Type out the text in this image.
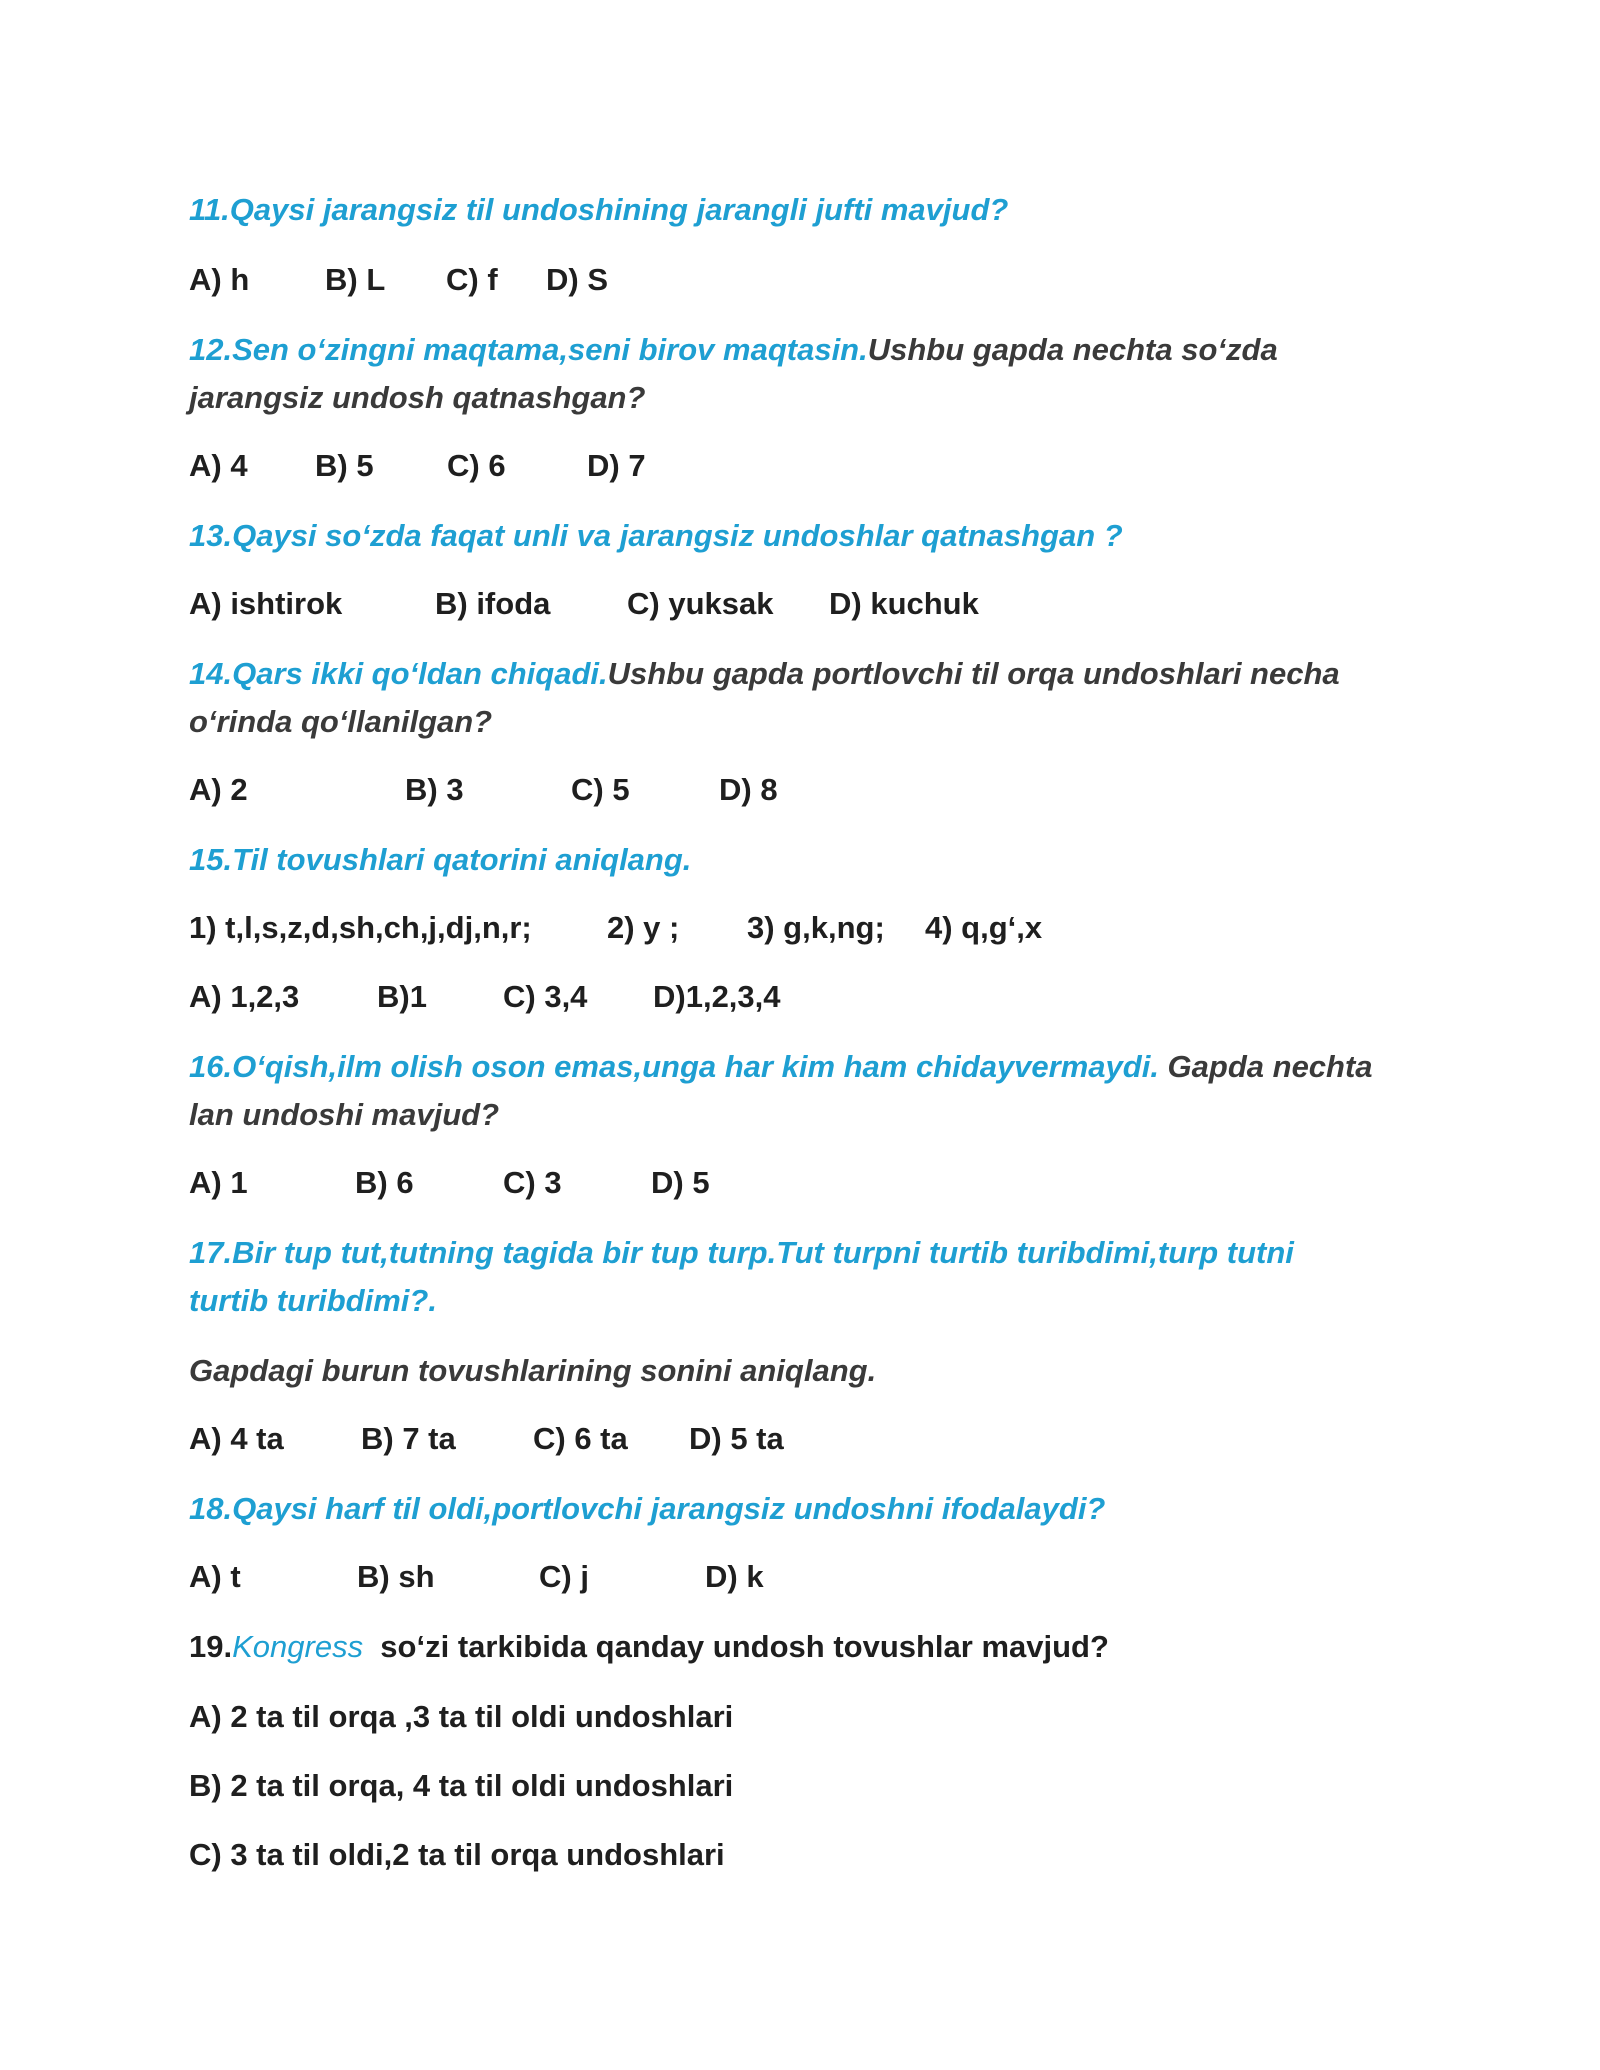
11.Qaysi jarangsiz til undoshining jarangli jufti mavjud?
A) h B) L C) f D) S
12.Sen o‘zingni maqtama,seni birov maqtasin.Ushbu gapda nechta so‘zda
jarangsiz undosh qatnashgan?
A) 4 B) 5 C) 6	D) 7
13.Qaysi so‘zda faqat unli va jarangsiz undoshlar qatnashgan ?
A) ishtirok	B) ifoda C) yuksak D) kuchuk
14.Qars ikki qo‘ldan chiqadi.Ushbu gapda portlovchi til orqa undoshlari necha
o‘rinda qo‘llanilgan?
A) 2	B) 3	C) 5	D) 8
15.Til tovushlari qatorini aniqlang.
1) t,l,s,z,d,sh,ch,j,dj,n,r; 2) y ; 3) g,k,ng; 4) q,g‘,x
A) 1,2,3	B)1 C) 3,4 D)1,2,3,4
16.O‘qish,ilm olish oson emas,unga har kim ham chidayvermaydi. Gapda nechta
lan undoshi mavjud?
A) 1	B) 6	C) 3	D) 5
17.Bir tup tut,tutning tagida bir tup turp.Tut turpni turtib turibdimi,turp tutni
turtib turibdimi?.
Gapdagi burun tovushlarining sonini aniqlang.
A) 4 ta B) 7 ta C) 6 ta D) 5 ta
18.Qaysi harf til oldi,portlovchi jarangsiz undoshni ifodalaydi?
A) t	B) sh	C) j	D) k
19.Kongress  so‘zi tarkibida qanday undosh tovushlar mavjud?
A) 2 ta til orqa ,3 ta til oldi undoshlari
B) 2 ta til orqa, 4 ta til oldi undoshlari
C) 3 ta til oldi,2 ta til orqa undoshlari
